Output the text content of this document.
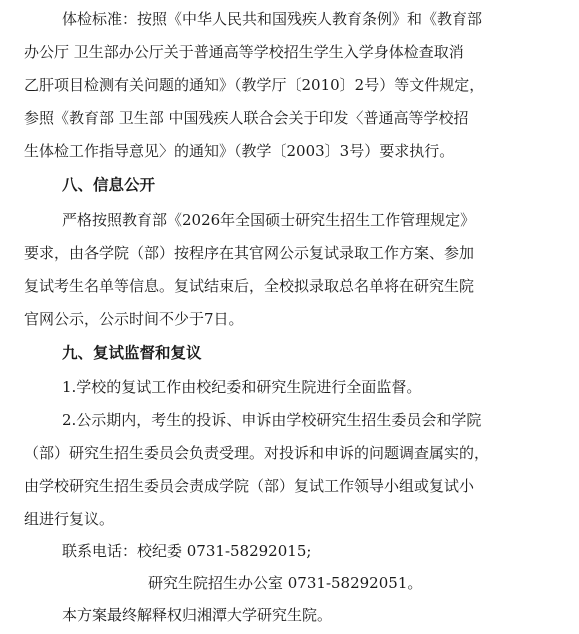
体检标准：按照《中华人民共和国残疾人教育条例》和《教育部
办公厅 卫生部办公厅关于普通高等学校招生学生入学身体检查取消
乙肝项目检测有关问题的通知》（教学厅〔2010〕2号）等文件规定，
参照《教育部 卫生部 中国残疾人联合会关于印发〈普通高等学校招
生体检工作指导意见〉的通知》（教学〔2003〕3号）要求执行。
八、信息公开
严格按照教育部《2026年全国硕士研究生招生工作管理规定》
要求，由各学院（部）按程序在其官网公示复试录取工作方案、参加
复试考生名单等信息。复试结束后，全校拟录取总名单将在研究生院
官网公示，公示时间不少于7日。
九、复试监督和复议
1.学校的复试工作由校纪委和研究生院进行全面监督。
2.公示期内，考生的投诉、申诉由学校研究生招生委员会和学院
（部）研究生招生委员会负责受理。对投诉和申诉的问题调查属实的，
由学校研究生招生委员会责成学院（部）复试工作领导小组或复试小
组进行复议。
联系电话：校纪委 0731-58292015;
研究生院招生办公室 0731-58292051。
本方案最终解释权归湘潭大学研究生院。
